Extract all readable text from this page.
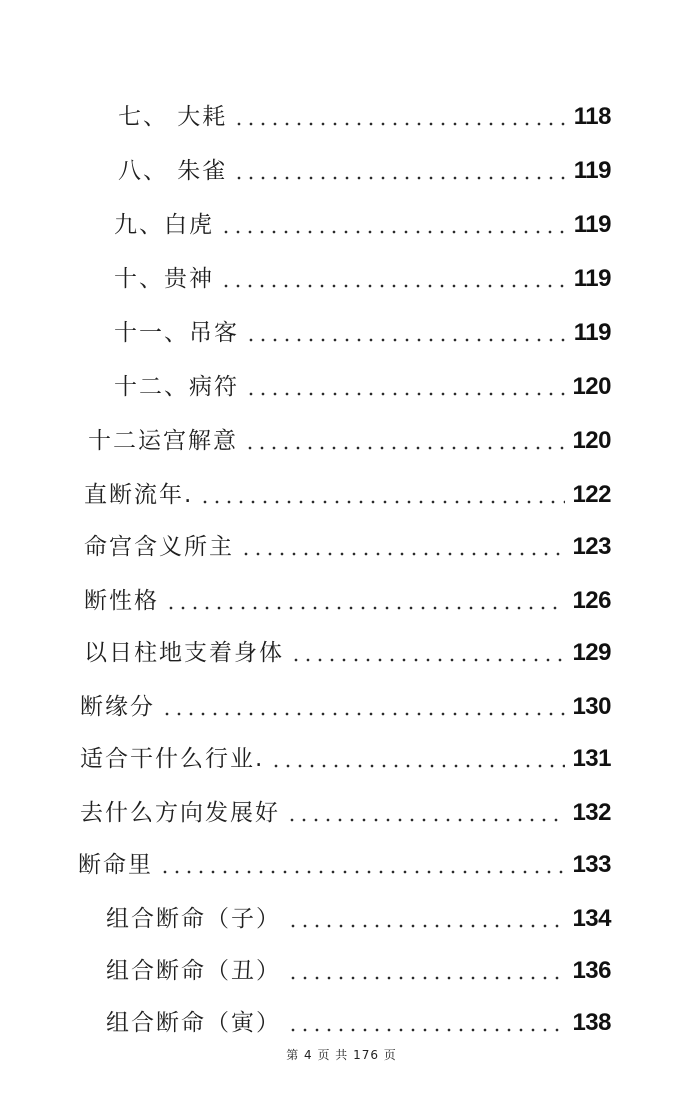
七、 大耗	118
八、 朱雀	119
九、白虎	119
十、贵神	119
十一、吊客	119
十二、病符	120
十二运宫解意	120
直断流年.	122
命宫含义所主	123
断性格	126
以日柱地支着身体	129
断缘分	130
适合干什么行业.	131
去什么方向发展好	132
断命里	133
组合断命（子）	134
组合断命（丑）	136
组合断命（寅）	138
第 4 页 共 176 页
